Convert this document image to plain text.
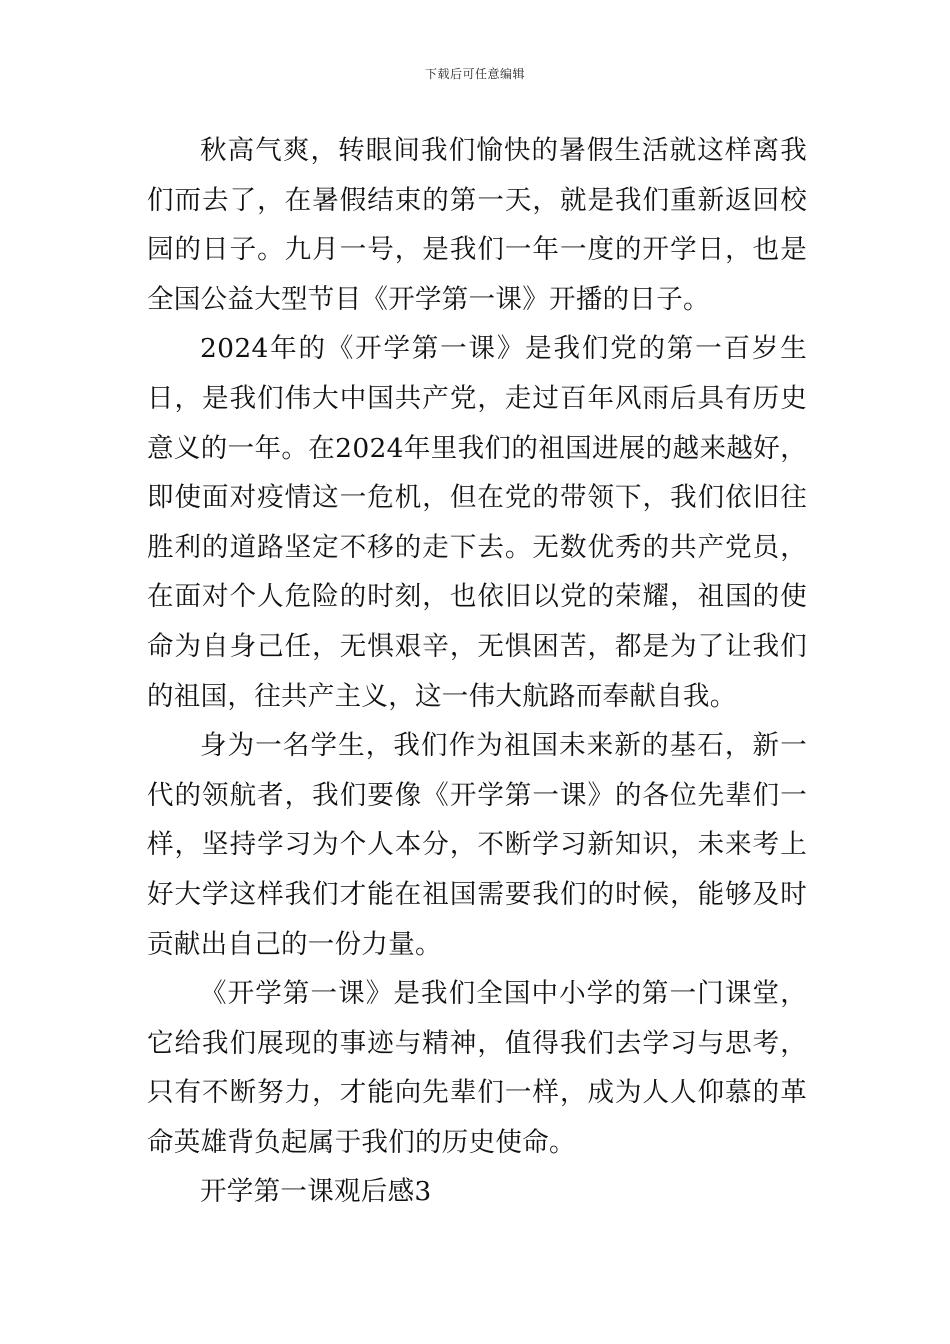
下载后可任意编辑

秋高气爽，转眼间我们愉快的暑假生活就这样离我们而去了，在暑假结束的第一天，就是我们重新返回校园的日子。九月一号，是我们一年一度的开学日，也是全国公益大型节目《开学第一课》开播的日子。

2024年的《开学第一课》是我们党的第一百岁生日，是我们伟大中国共产党，走过百年风雨后具有历史意义的一年。在2024年里我们的祖国进展的越来越好，即使面对疫情这一危机，但在党的带领下，我们依旧往胜利的道路坚定不移的走下去。无数优秀的共产党员，在面对个人危险的时刻，也依旧以党的荣耀，祖国的使命为自身己任，无惧艰辛，无惧困苦，都是为了让我们的祖国，往共产主义，这一伟大航路而奉献自我。

身为一名学生，我们作为祖国未来新的基石，新一代的领航者，我们要像《开学第一课》的各位先辈们一样，坚持学习为个人本分，不断学习新知识，未来考上好大学这样我们才能在祖国需要我们的时候，能够及时贡献出自己的一份力量。

《开学第一课》是我们全国中小学的第一门课堂，它给我们展现的事迹与精神，值得我们去学习与思考，只有不断努力，才能向先辈们一样，成为人人仰慕的革命英雄背负起属于我们的历史使命。

开学第一课观后感3
